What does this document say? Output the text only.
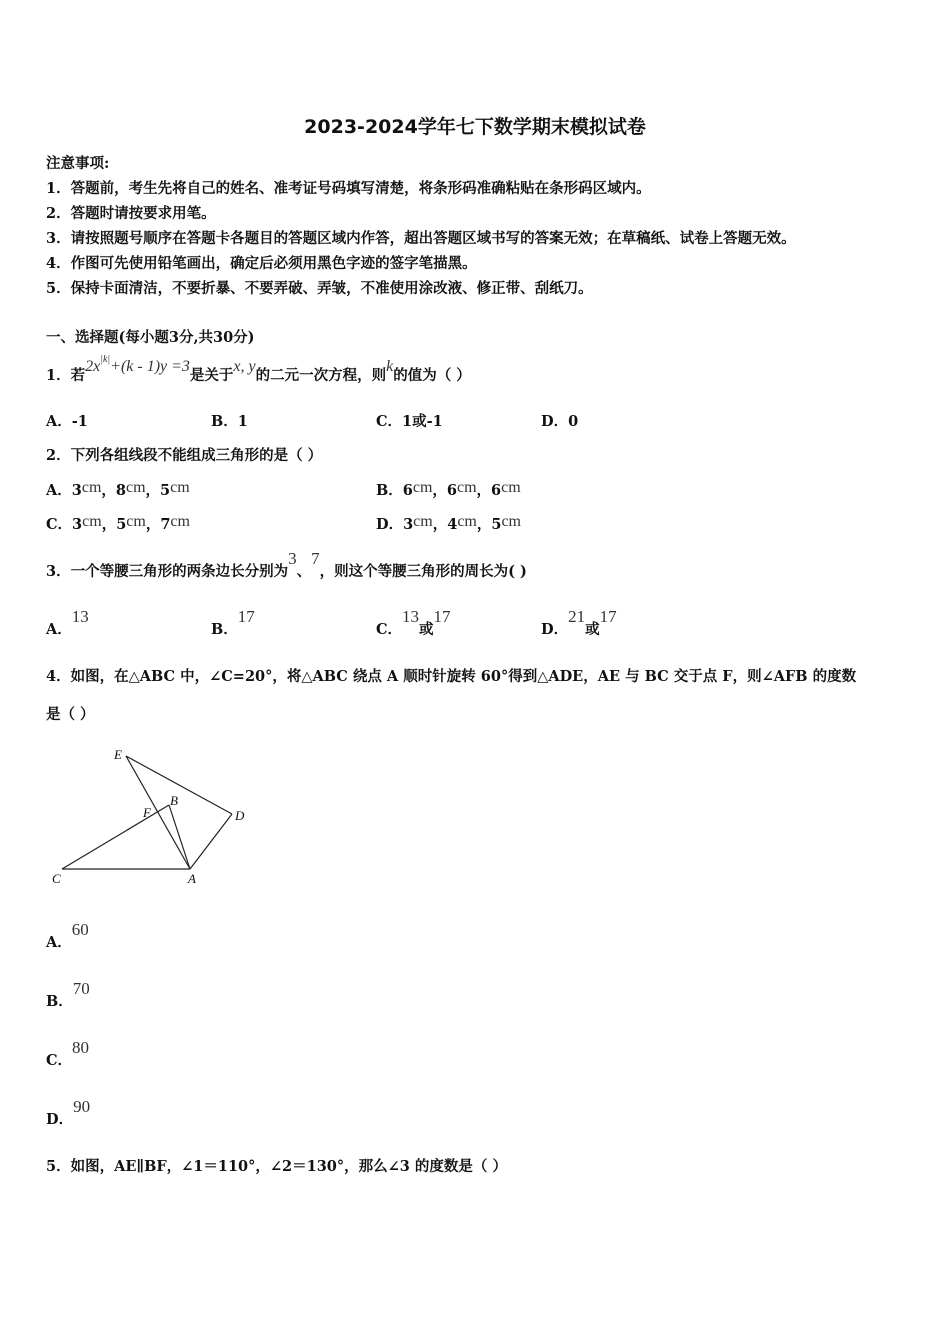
2023-2024学年七下数学期末模拟试卷
注意事项:
1．答题前，考生先将自己的姓名、准考证号码填写清楚，将条形码准确粘贴在条形码区域内。
2．答题时请按要求用笔。
3．请按照题号顺序在答题卡各题目的答题区域内作答，超出答题区域书写的答案无效；在草稿纸、试卷上答题无效。
4．作图可先使用铅笔画出，确定后必须用黑色字迹的签字笔描黑。
5．保持卡面清洁，不要折暴、不要弄破、弄皱，不准使用涂改液、修正带、刮纸刀。
一、选择题(每小题3分,共30分)
1．若$2x^{|k|}+(k - 1)y =3$是关于x, y的二元一次方程，则k的值为（ ）
A．-1	B．1	C．1或-1	D．0
2．下列各组线段不能组成三角形的是（ ）
A．3cm，8cm，5cm	B．6cm，6cm，6cm
C．3cm，5cm，7cm	D．3cm，4cm，5cm
3．一个等腰三角形的两条边长分别为3、7，则这个等腰三角形的周长为( )
A．13
B．17
C．13或17
D．21或17
4．如图，在△ABC 中，∠C=20°，将△ABC 绕点 A 顺时针旋转 60°得到△ADE，AE 与 BC 交于点 F，则∠AFB 的度数
是（ ）
E
F
B
D
C	A
A．60
B．70
C．80
D．90
5．如图，AE∥BF，∠1＝110°，∠2＝130°，那么∠3 的度数是（ ）
